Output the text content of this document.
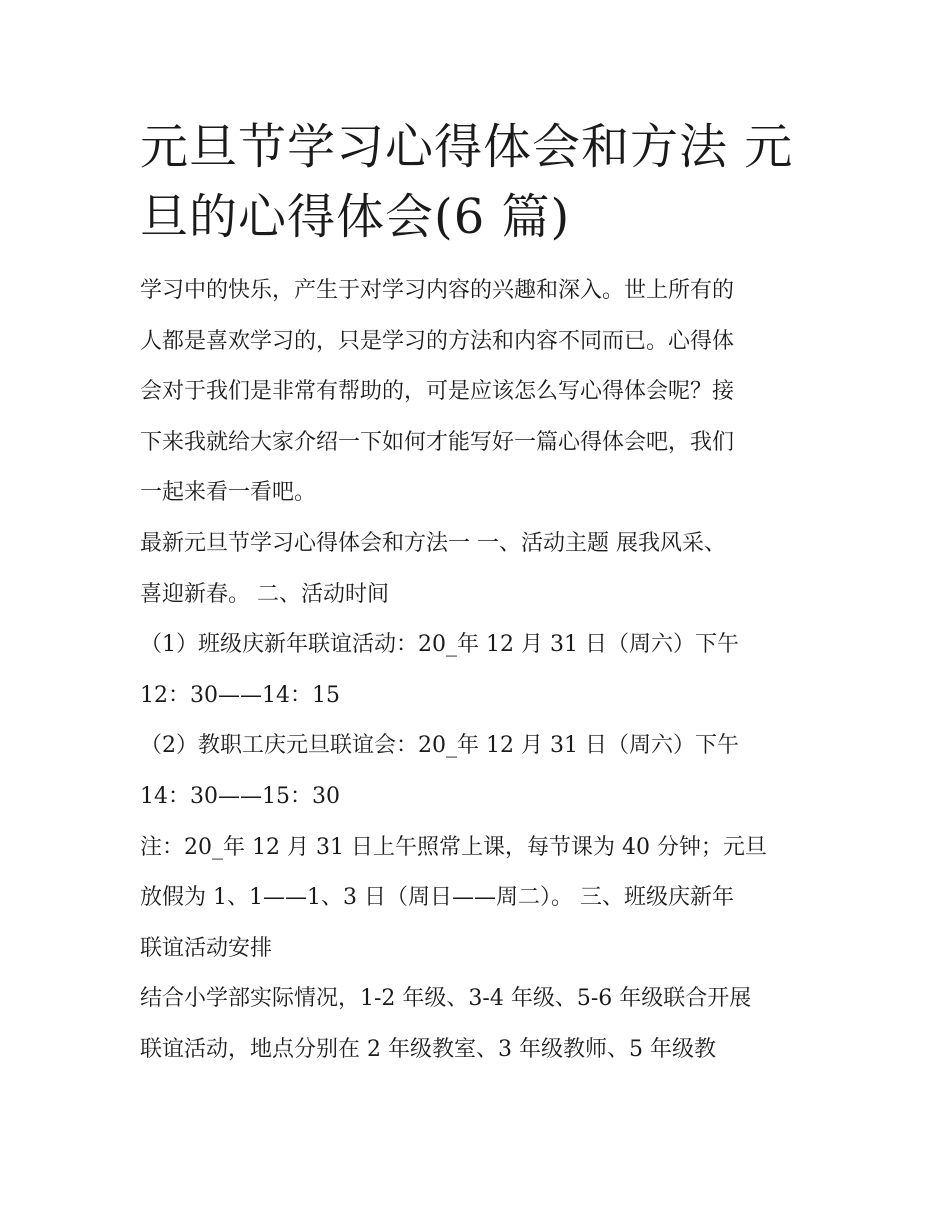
元旦节学习心得体会和方法 元
旦的心得体会(6 篇)

学习中的快乐，产生于对学习内容的兴趣和深入。世上所有的
人都是喜欢学习的，只是学习的方法和内容不同而已。心得体
会对于我们是非常有帮助的，可是应该怎么写心得体会呢？接
下来我就给大家介绍一下如何才能写好一篇心得体会吧，我们
一起来看一看吧。

最新元旦节学习心得体会和方法一 一、活动主题 展我风采、
喜迎新春。 二、活动时间

（1）班级庆新年联谊活动：20_年 12 月 31 日（周六）下午
12：30——14：15

（2）教职工庆元旦联谊会：20_年 12 月 31 日（周六）下午
14：30——15：30

注：20_年 12 月 31 日上午照常上课，每节课为 40 分钟；元旦
放假为 1、1——1、3 日（周日——周二）。 三、班级庆新年
联谊活动安排

结合小学部实际情况，1-2 年级、3-4 年级、5-6 年级联合开展
联谊活动，地点分别在 2 年级教室、3 年级教师、5 年级教
